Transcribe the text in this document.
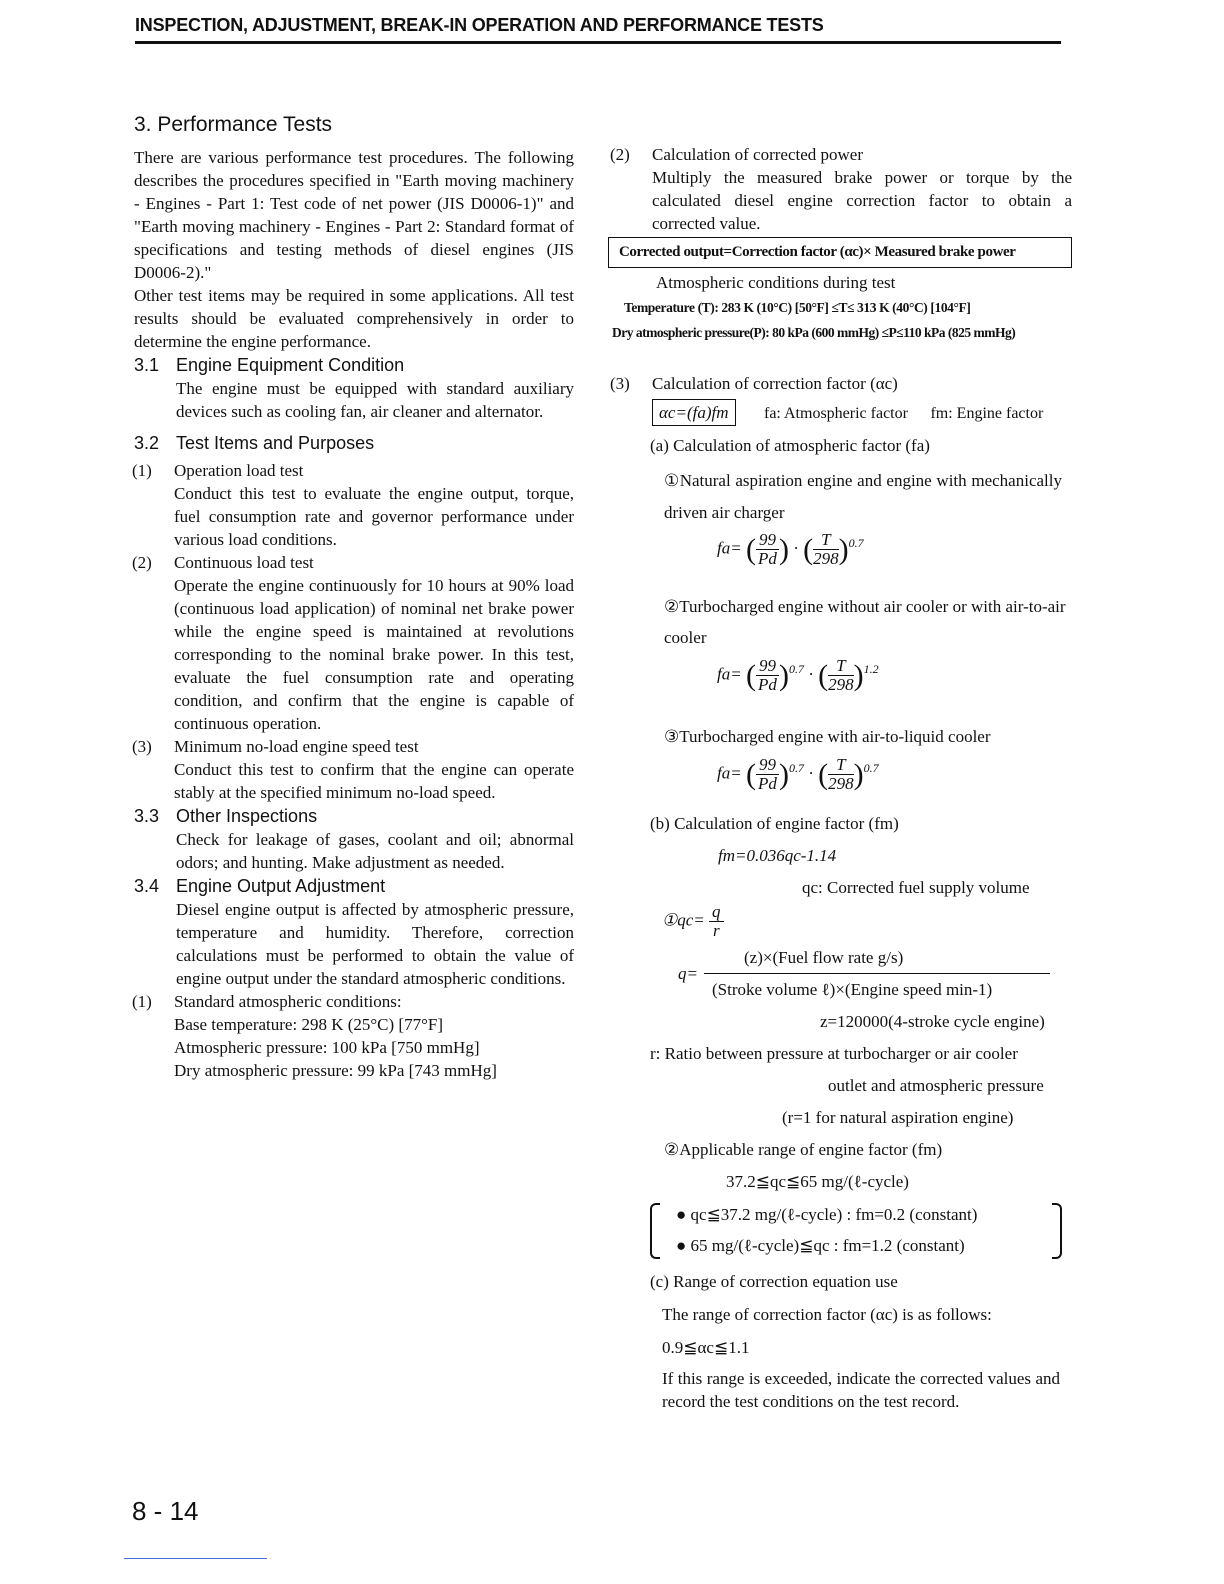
INSPECTION, ADJUSTMENT, BREAK-IN OPERATION AND PERFORMANCE TESTS
3. Performance Tests

There are various performance test procedures. The following describes the procedures specified in "Earth moving machinery - Engines - Part 1: Test code of net power (JIS D0006-1)" and "Earth moving machinery - Engines - Part 2: Standard format of specifications and testing methods of diesel engines (JIS D0006-2)."

Other test items may be required in some applications. All test results should be evaluated comprehensively in order to determine the engine performance.

3.1 Engine Equipment Condition

The engine must be equipped with standard auxiliary devices such as cooling fan, air cleaner and alternator.

3.2 Test Items and Purposes
(1) Operation load test

Conduct this test to evaluate the engine output, torque, fuel consumption rate and governor performance under various load conditions.

(2) Continuous load test

Operate the engine continuously for 10 hours at 90% load (continuous load application) of nominal net brake power while the engine speed is maintained at revolutions corresponding to the nominal brake power. In this test, evaluate the fuel consumption rate and operating condition, and confirm that the engine is capable of continuous operation.

(3) Minimum no-load engine speed test

Conduct this test to confirm that the engine can operate stably at the specified minimum no-load speed.

3.3 Other Inspections

Check for leakage of gases, coolant and oil; abnormal odors; and hunting. Make adjustment as needed.

3.4 Engine Output Adjustment

Diesel engine output is affected by atmospheric pressure, temperature and humidity. Therefore, correction calculations must be performed to obtain the value of engine output under the standard atmospheric conditions.

(1) Standard atmospheric conditions:

Base temperature: 298 K (25°C) [77°F]

Atmospheric pressure: 100 kPa [750 mmHg]

Dry atmospheric pressure: 99 kPa [743 mmHg]

(2) Calculation of corrected power

Multiply the measured brake power or torque by the calculated diesel engine correction factor to obtain a corrected value.

Corrected output=Correction factor (αc)× Measured brake power

Atmospheric conditions during test

Temperature (T): 283 K (10°C) [50°F] ≤T≤ 313 K (40°C) [104°F]

Dry atmospheric pressure(P): 80 kPa (600 mmHg) ≤P≤110 kPa (825 mmHg)

(3) Calculation of correction factor (αc)

αc=(fa)fm fa: Atmospheric factor fm: Engine factor

(a) Calculation of atmospheric factor (fa)

①Natural aspiration engine and engine with mechanically driven air charger

fa= ( $\frac{99}{Pd}$ ) · ( $\frac{T}{298} )^{0.7}$

②Turbocharged engine without air cooler or with air-to-air cooler

fa= ( $\frac{99}{Pd} )^{0.7}$ · ( $\frac{T}{298} )^{1.2}$

③Turbocharged engine with air-to-liquid cooler

fa= ( $\frac{99}{Pd} )^{0.7}$ · ( $\frac{T}{298} )^{0.7}$

(b) Calculation of engine factor (fm)

fm=0.036qc-1.14

qc: Corrected fuel supply volume

①qc= $\frac{q}{r}$
q=
(z)×(Fuel flow rate g/s)
(Stroke volume ℓ)×(Engine speed min-1)

z=120000(4-stroke cycle engine)

r: Ratio between pressure at turbocharger or air cooler

outlet and atmospheric pressure

(r=1 for natural aspiration engine)

②Applicable range of engine factor (fm)

37.2≦qc≦65 mg/(ℓ-cycle)

● qc≦37.2 mg/(ℓ-cycle) : fm=0.2 (constant)

● 65 mg/(ℓ-cycle)≦qc : fm=1.2 (constant)

(c) Range of correction equation use

The range of correction factor (αc) is as follows:

0.9≦αc≦1.1

If this range is exceeded, indicate the corrected values and record the test conditions on the test record.

8 - 14
